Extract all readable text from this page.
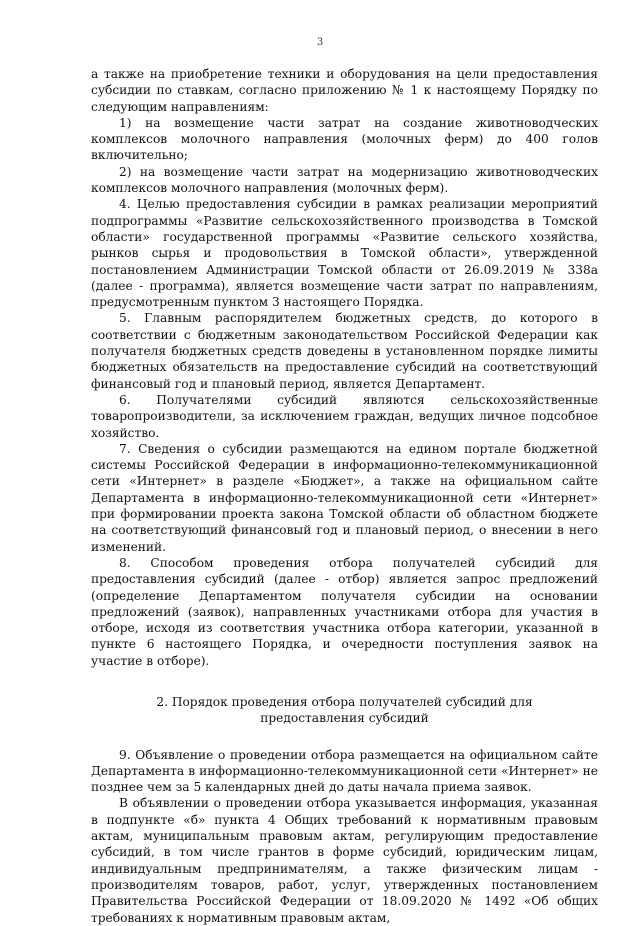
3

а также на приобретение техники и оборудования на цели предоставления субсидии по ставкам, согласно приложению № 1 к настоящему Порядку по следующим направлениям:

1) на возмещение части затрат на создание животноводческих комплексов молочного направления (молочных ферм) до 400 голов включительно;

2) на возмещение части затрат на модернизацию животноводческих комплексов молочного направления (молочных ферм).

4. Целью предоставления субсидии в рамках реализации мероприятий подпрограммы «Развитие сельскохозяйственного производства в Томской области» государственной программы «Развитие сельского хозяйства, рынков сырья и продовольствия в Томской области», утвержденной постановлением Администрации Томской области от 26.09.2019 № 338а (далее - программа), является возмещение части затрат по направлениям, предусмотренным пунктом 3 настоящего Порядка.

5. Главным распорядителем бюджетных средств, до которого в соответствии с бюджетным законодательством Российской Федерации как получателя бюджетных средств доведены в установленном порядке лимиты бюджетных обязательств на предоставление субсидий на соответствующий финансовый год и плановый период, является Департамент.

6. Получателями субсидий являются сельскохозяйственные товаропроизводители, за исключением граждан, ведущих личное подсобное хозяйство.

7. Сведения о субсидии размещаются на едином портале бюджетной системы Российской Федерации в информационно-телекоммуникационной сети «Интернет» в разделе «Бюджет», а также на официальном сайте Департамента в информационно-телекоммуникационной сети «Интернет» при формировании проекта закона Томской области об областном бюджете на соответствующий финансовый год и плановый период, о внесении в него изменений.

8. Способом проведения отбора получателей субсидий для предоставления субсидий (далее - отбор) является запрос предложений (определение Департаментом получателя субсидии на основании предложений (заявок), направленных участниками отбора для участия в отборе, исходя из соответствия участника отбора категории, указанной в пункте 6 настоящего Порядка, и очередности поступления заявок на участие в отборе).

2. Порядок проведения отбора получателей субсидий для предоставления субсидий

9. Объявление о проведении отбора размещается на официальном сайте Департамента в информационно-телекоммуникационной сети «Интернет» не позднее чем за 5 календарных дней до даты начала приема заявок.

В объявлении о проведении отбора указывается информация, указанная в подпункте «б» пункта 4 Общих требований к нормативным правовым актам, муниципальным правовым актам, регулирующим предоставление субсидий, в том числе грантов в форме субсидий, юридическим лицам, индивидуальным предпринимателям, а также физическим лицам - производителям товаров, работ, услуг, утвержденных постановлением Правительства Российской Федерации от 18.09.2020 № 1492 «Об общих требованиях к нормативным правовым актам,
